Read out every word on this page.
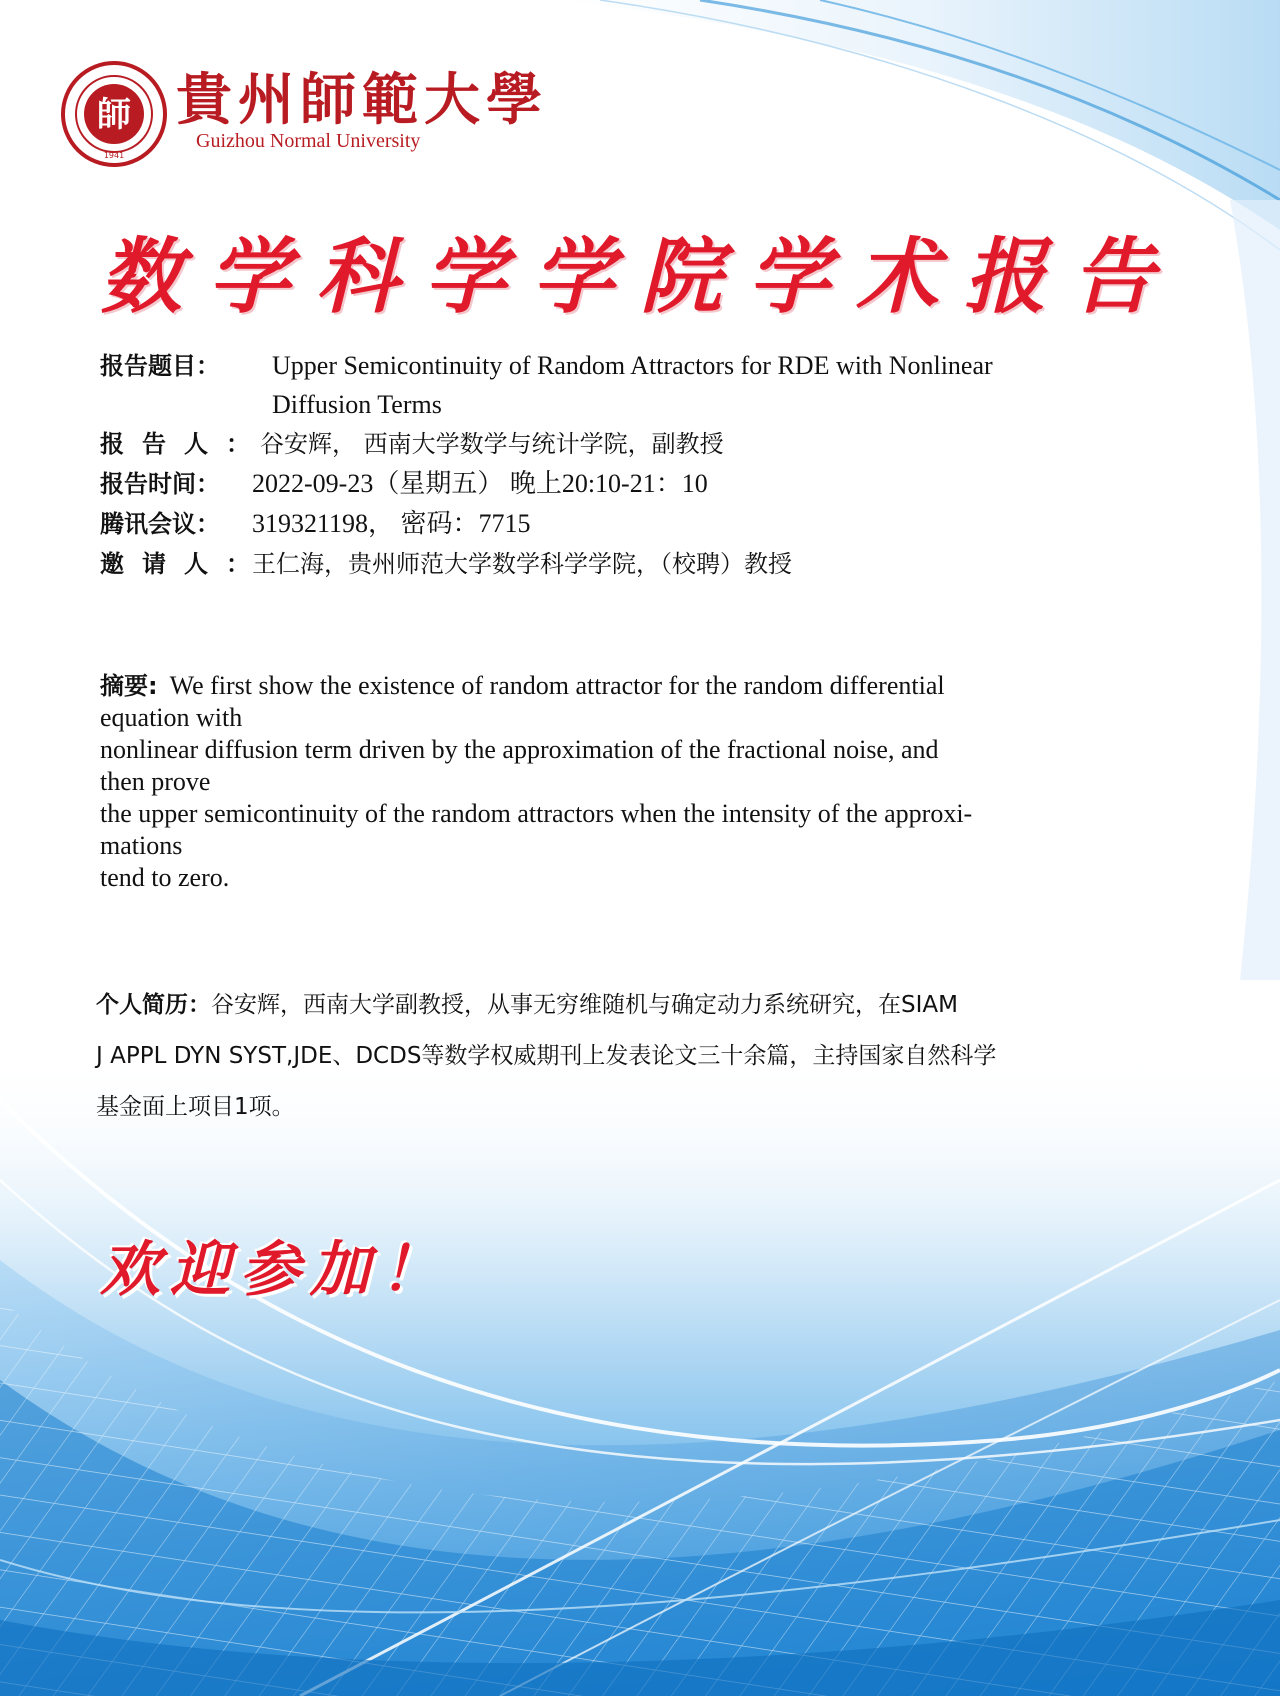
師
1941
貴州師範大學
Guizhou Normal University
数学科学学院学术报告
报告题目：	Upper Semicontinuity of Random Attractors for RDE with Nonlinear
Diffusion Terms
报告人：
谷安辉， 西南大学数学与统计学院，副教授
报告时间：	2022-09-23（星期五） 晚上20:10-21：10
腾讯会议：	319321198， 密码：7715
邀请人：
王仁海，贵州师范大学数学科学学院，（校聘）教授
摘要: We first show the existence of random attractor for the random differential
equation with
nonlinear diffusion term driven by the approximation of the fractional noise, and
then prove
the upper semicontinuity of the random attractors when the intensity of the approxi-
mations
tend to zero.
个人简历：谷安辉，西南大学副教授，从事无穷维随机与确定动力系统研究，在SIAM
J APPL DYN SYST,JDE、DCDS等数学权威期刊上发表论文三十余篇，主持国家自然科学
基金面上项目1项。
欢迎参加！
